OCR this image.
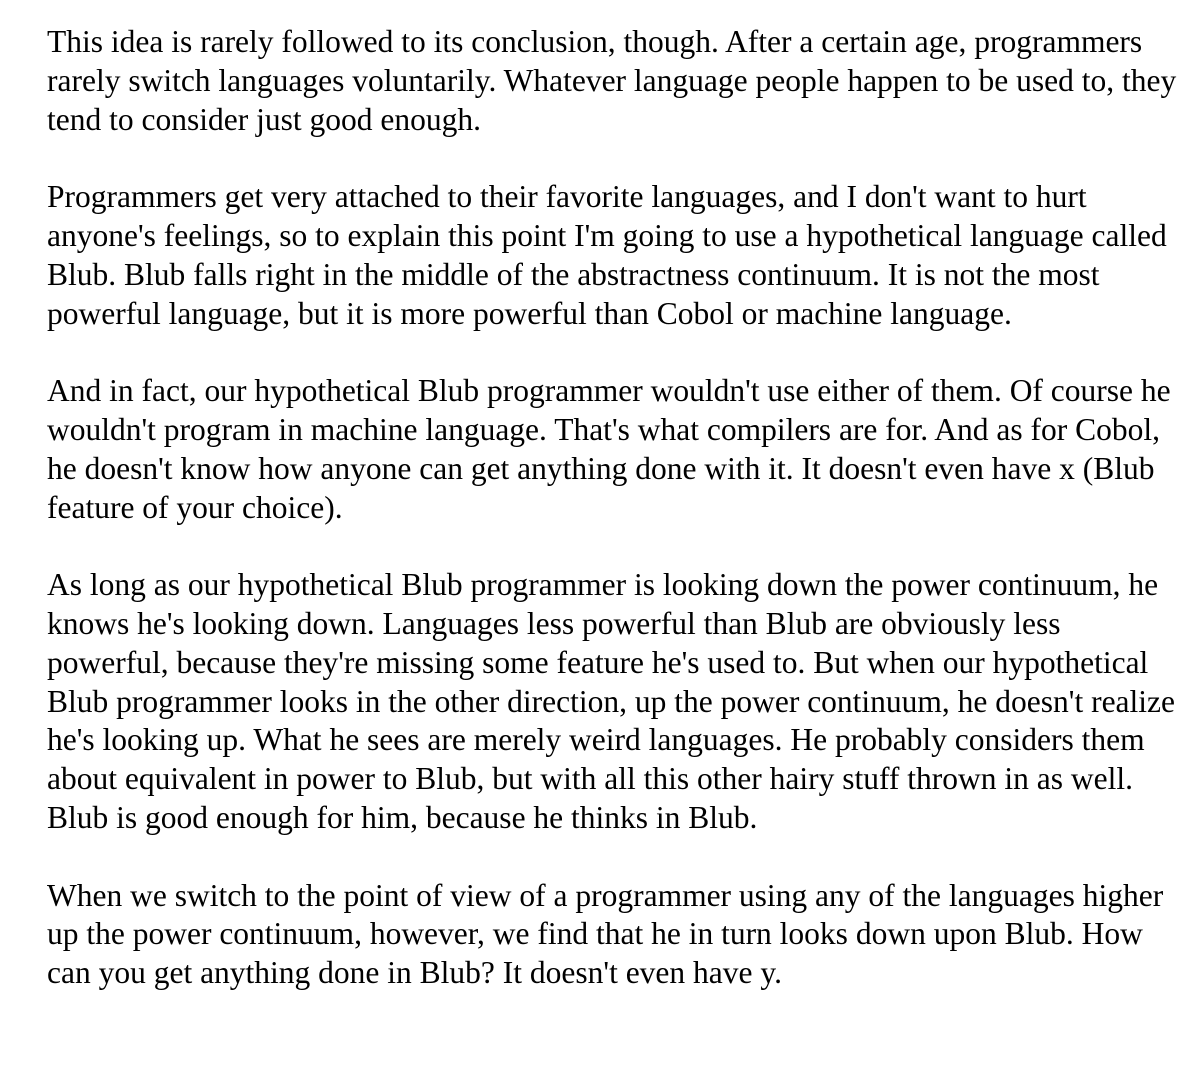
This idea is rarely followed to its conclusion, though. After a certain age, programmers rarely switch languages voluntarily. Whatever language people happen to be used to, they tend to consider just good enough.

Programmers get very attached to their favorite languages, and I don't want to hurt anyone's feelings, so to explain this point I'm going to use a hypothetical language called Blub. Blub falls right in the middle of the abstractness continuum. It is not the most powerful language, but it is more powerful than Cobol or machine language.

And in fact, our hypothetical Blub programmer wouldn't use either of them. Of course he wouldn't program in machine language. That's what compilers are for. And as for Cobol, he doesn't know how anyone can get anything done with it. It doesn't even have x (Blub feature of your choice).

As long as our hypothetical Blub programmer is looking down the power continuum, he knows he's looking down. Languages less powerful than Blub are obviously less powerful, because they're missing some feature he's used to. But when our hypothetical Blub programmer looks in the other direction, up the power continuum, he doesn't realize he's looking up. What he sees are merely weird languages. He probably considers them about equivalent in power to Blub, but with all this other hairy stuff thrown in as well. Blub is good enough for him, because he thinks in Blub.

When we switch to the point of view of a programmer using any of the languages higher up the power continuum, however, we find that he in turn looks down upon Blub. How can you get anything done in Blub? It doesn't even have y.
